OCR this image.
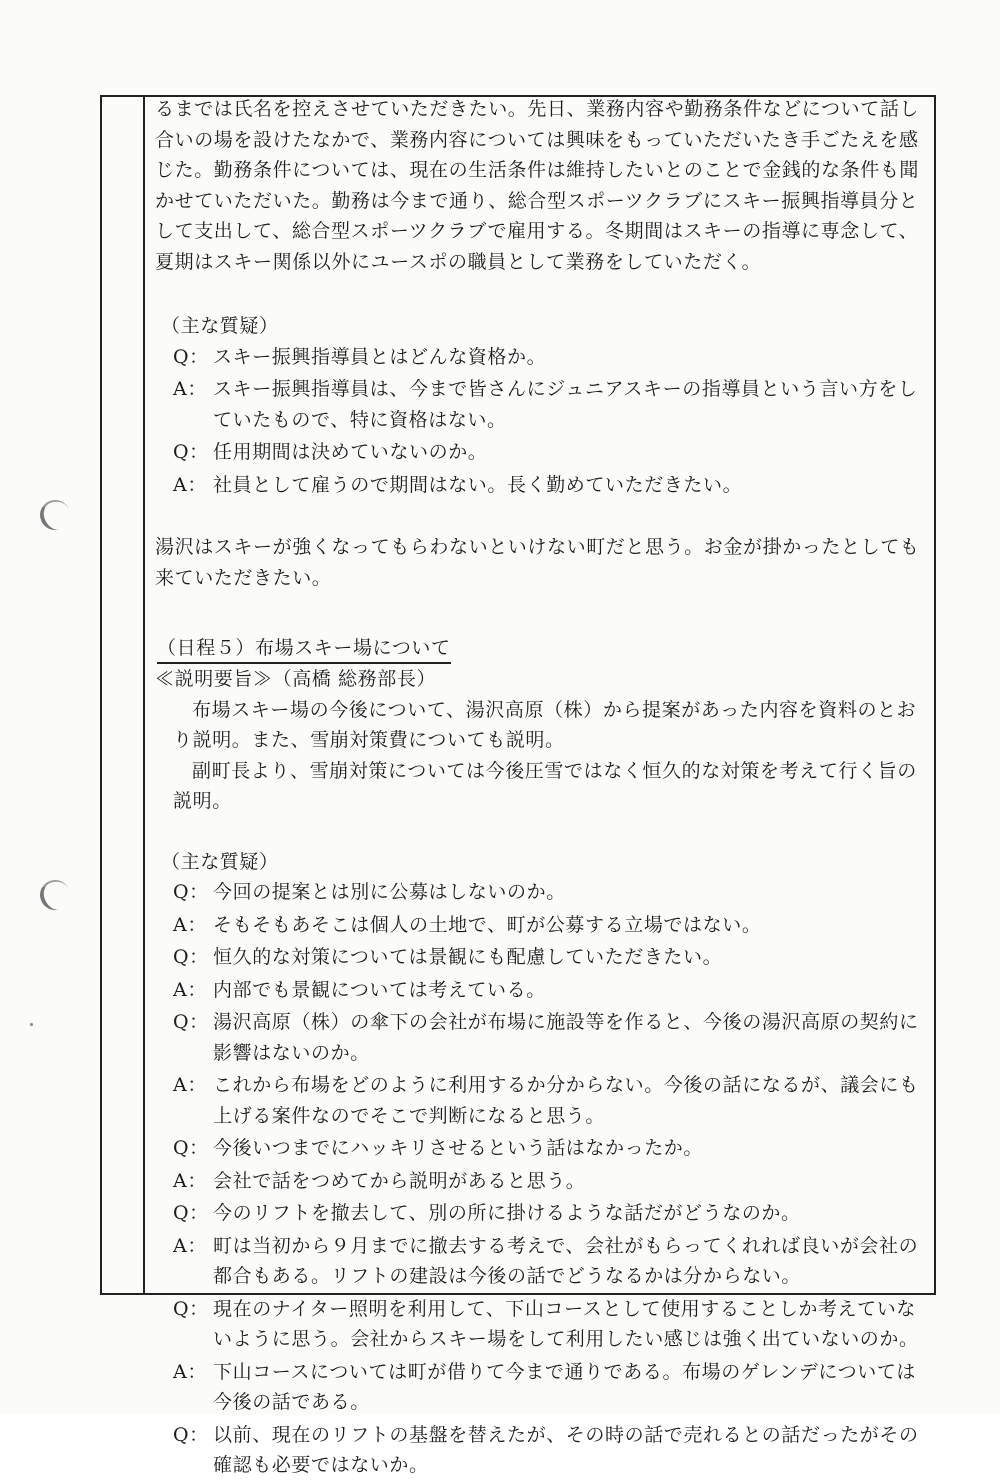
るまでは氏名を控えさせていただきたい。先日、業務内容や勤務条件などについて話し合いの場を設けたなかで、業務内容については興味をもっていただいたき手ごたえを感じた。勤務条件については、現在の生活条件は維持したいとのことで金銭的な条件も聞かせていただいた。勤務は今まで通り、総合型スポーツクラブにスキー振興指導員分として支出して、総合型スポーツクラブで雇用する。冬期間はスキーの指導に専念して、夏期はスキー関係以外にユースポの職員として業務をしていただく。

（主な質疑）

Q： スキー振興指導員とはどんな資格か。
A： スキー振興指導員は、今まで皆さんにジュニアスキーの指導員という言い方をしていたもので、特に資格はない。
Q： 任用期間は決めていないのか。
A： 社員として雇うので期間はない。長く勤めていただきたい。

湯沢はスキーが強くなってもらわないといけない町だと思う。お金が掛かったとしても来ていただきたい。

（日程５）布場スキー場について

≪説明要旨≫（高橋 総務部長）

布場スキー場の今後について、湯沢高原（株）から提案があった内容を資料のとおり説明。また、雪崩対策費についても説明。

副町長より、雪崩対策については今後圧雪ではなく恒久的な対策を考えて行く旨の説明。

（主な質疑）

Q： 今回の提案とは別に公募はしないのか。
A： そもそもあそこは個人の土地で、町が公募する立場ではない。
Q： 恒久的な対策については景観にも配慮していただきたい。
A： 内部でも景観については考えている。
Q： 湯沢高原（株）の傘下の会社が布場に施設等を作ると、今後の湯沢高原の契約に影響はないのか。
A： これから布場をどのように利用するか分からない。今後の話になるが、議会にも上げる案件なのでそこで判断になると思う。
Q： 今後いつまでにハッキリさせるという話はなかったか。
A： 会社で話をつめてから説明があると思う。
Q： 今のリフトを撤去して、別の所に掛けるような話だがどうなのか。
A： 町は当初から９月までに撤去する考えで、会社がもらってくれれば良いが会社の都合もある。リフトの建設は今後の話でどうなるかは分からない。
Q： 現在のナイター照明を利用して、下山コースとして使用することしか考えていないように思う。会社からスキー場をして利用したい感じは強く出ていないのか。
A： 下山コースについては町が借りて今まで通りである。布場のゲレンデについては今後の話である。
Q： 以前、現在のリフトの基盤を替えたが、その時の話で売れるとの話だったがその確認も必要ではないか。
